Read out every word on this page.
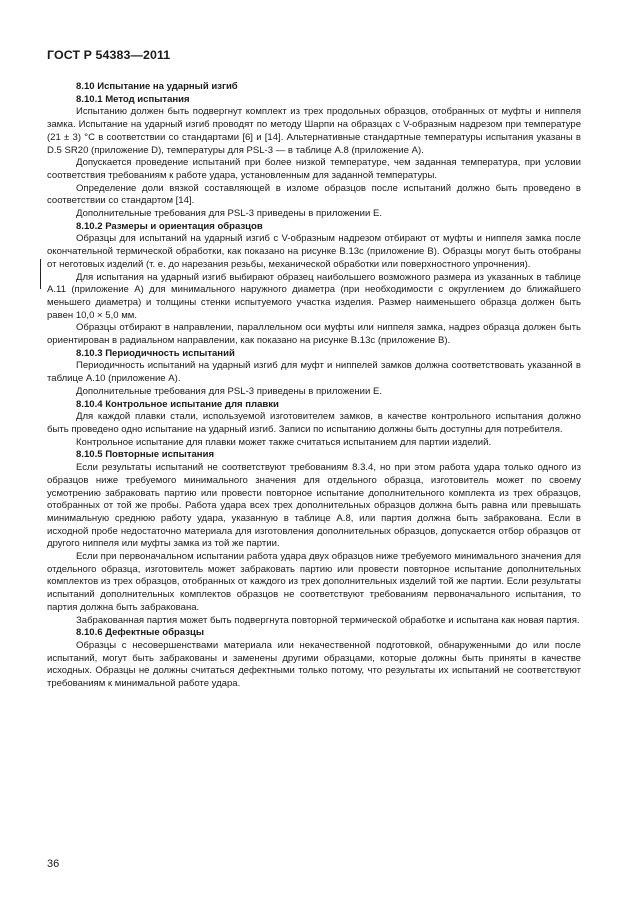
ГОСТ Р 54383—2011

8.10 Испытание на ударный изгиб

8.10.1 Метод испытания

Испытанию должен быть подвергнут комплект из трех продольных образцов, отобранных от муфты и ниппеля замка. Испытание на ударный изгиб проводят по методу Шарпи на образцах с V-образным надрезом при температуре (21 ± 3) °С в соответствии со стандартами [6] и [14]. Альтернативные стандартные температуры испытания указаны в D.5 SR20 (приложение D), температуры для PSL-3 — в таблице А.8 (приложение А).

Допускается проведение испытаний при более низкой температуре, чем заданная температура, при условии соответствия требованиям к работе удара, установленным для заданной температуры.

Определение доли вязкой составляющей в изломе образцов после испытаний должно быть проведено в соответствии со стандартом [14].

Дополнительные требования для PSL-3 приведены в приложении Е.

8.10.2 Размеры и ориентация образцов

Образцы для испытаний на ударный изгиб с V-образным надрезом отбирают от муфты и ниппеля замка после окончательной термической обработки, как показано на рисунке В.13с (приложение В). Образцы могут быть отобраны от неготовых изделий (т. е. до нарезания резьбы, механической обработки или поверхностного упрочнения).

Для испытания на ударный изгиб выбирают образец наибольшего возможного размера из указанных в таблице А.11 (приложение А) для минимального наружного диаметра (при необходимости с округлением до ближайшего меньшего диаметра) и толщины стенки испытуемого участка изделия. Размер наименьшего образца должен быть равен 10,0 × 5,0 мм.

Образцы отбирают в направлении, параллельном оси муфты или ниппеля замка, надрез образца должен быть ориентирован в радиальном направлении, как показано на рисунке В.13с (приложение В).

8.10.3 Периодичность испытаний

Периодичность испытаний на ударный изгиб для муфт и ниппелей замков должна соответствовать указанной в таблице А.10 (приложение А).

Дополнительные требования для PSL-3 приведены в приложении Е.

8.10.4 Контрольное испытание для плавки

Для каждой плавки стали, используемой изготовителем замков, в качестве контрольного испытания должно быть проведено одно испытание на ударный изгиб. Записи по испытанию должны быть доступны для потребителя.

Контрольное испытание для плавки может также считаться испытанием для партии изделий.

8.10.5 Повторные испытания

Если результаты испытаний не соответствуют требованиям 8.3.4, но при этом работа удара только одного из образцов ниже требуемого минимального значения для отдельного образца, изготовитель может по своему усмотрению забраковать партию или провести повторное испытание дополнительного комплекта из трех образцов, отобранных от той же пробы. Работа удара всех трех дополнительных образцов должна быть равна или превышать минимальную среднюю работу удара, указанную в таблице А.8, или партия должна быть забракована. Если в исходной пробе недостаточно материала для изготовления дополнительных образцов, допускается отбор образцов от другого ниппеля или муфты замка из той же партии.

Если при первоначальном испытании работа удара двух образцов ниже требуемого минимального значения для отдельного образца, изготовитель может забраковать партию или провести повторное испытание дополнительных комплектов из трех образцов, отобранных от каждого из трех дополнительных изделий той же партии. Если результаты испытаний дополнительных комплектов образцов не соответствуют требованиям первоначального испытания, то партия должна быть забракована.

Забракованная партия может быть подвергнута повторной термической обработке и испытана как новая партия.

8.10.6 Дефектные образцы

Образцы с несовершенствами материала или некачественной подготовкой, обнаруженными до или после испытаний, могут быть забракованы и заменены другими образцами, которые должны быть приняты в качестве исходных. Образцы не должны считаться дефектными только потому, что результаты их испытаний не соответствуют требованиям к минимальной работе удара.

36
